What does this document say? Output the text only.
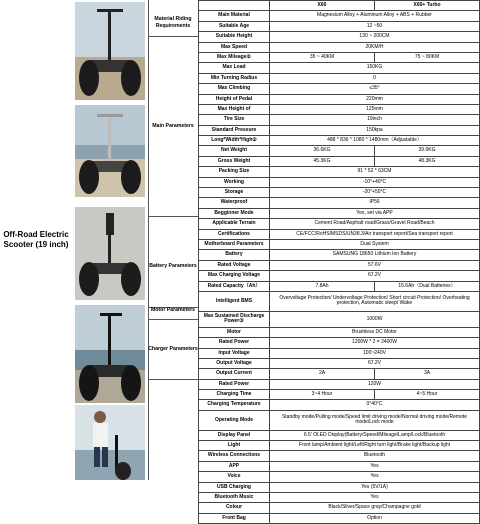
Off-Road Electric Scooter (19 inch)
Material Riding Requirements
Main Parameters
Battery Parameters
Motor Parameters
Charger Parameters
	X60	X60+ Turbo
Main Material	Magnesium Alloy + Aluminum Alloy + ABS + Rubber	
Suitable Age	12 ~50	
Suitable Height	130 ~ 200CM	
Max Speed	20KM/H	
Max Mileage①	35 ~ 40KM	75 ~ 80KM
Max Load	150KG	
Min Turning Radius	0	
Max Climbing	≤35°	
Height of Pedal	220mm	
Max Height of	125mm	
Tire Size	19inch	
Standard Pressure	150kpa	
Long*Width*High②	488 * 836 * 1080 * 1480mm（Adjustable）	
Net Weight	36.6KG	39.6KG
Gross Weight	45.3KG	48.3KG
Packing Size	91 * 52 * 63CM	
Working	-10°+40°C	
Storage	-20°+50°C	
Waterproof	IP56	
Begginner Mode	Yes, set via APP	
Applicable Terrain	Cement Road/Asphalt road/Grass/Gravel Road/Beach	
Certifications	CE/FCC/RoHS/MSDS/UN38.3/Air transport report/Sea transport report	
Motherboard Parameters	Dual System	
Battery	SAMSUNG 18650 Lithium Ion Battery	
Rated Voltage	57.6V	
Max Charging Voltage	67.2V	
Rated Capacity（Ah）	7.8Ah	15.6Ah（Dual Batteries）
Intelligent BMS	Overvoltage Protection/ Undervoltage Protection/ Short circuit Protection/ Overheating protection, Automatic sleep/ Wake	
Max Sustained Discharge Power③	1000W	
Motor	Brushless DC Motor	
Rated Power	1200W * 2 = 2400W	
Input Voltage	100~240V	
Output Voltage	67.2V	
Output Current	2A	3A
Rated Power	120W	
Charging Time	3~4 Hour	4~5 Hour
Charging Temperature	0°40°C	
Operating Mode	Standby mode/Pulling mode/Speed limit driving mode/Normal driving mode/Remote mode/Lock mode	
Display Panel	6.5' OLED Display(Battery/Speed/Mileage/Lamp/Lock/Bluetooth	
Light	Front lamp/Ambient light/Left/Right turn light/Brake light/Backup light	
Wireless Connections	Bluetooth	
APP	Yes	
Voice	Yes	
USB Charging	Yes (5V/1A)	
Bluetooth Music	Yes	
Colour	Black/Silver/Space gray/Champagne gold	
Front Bag	Option	
